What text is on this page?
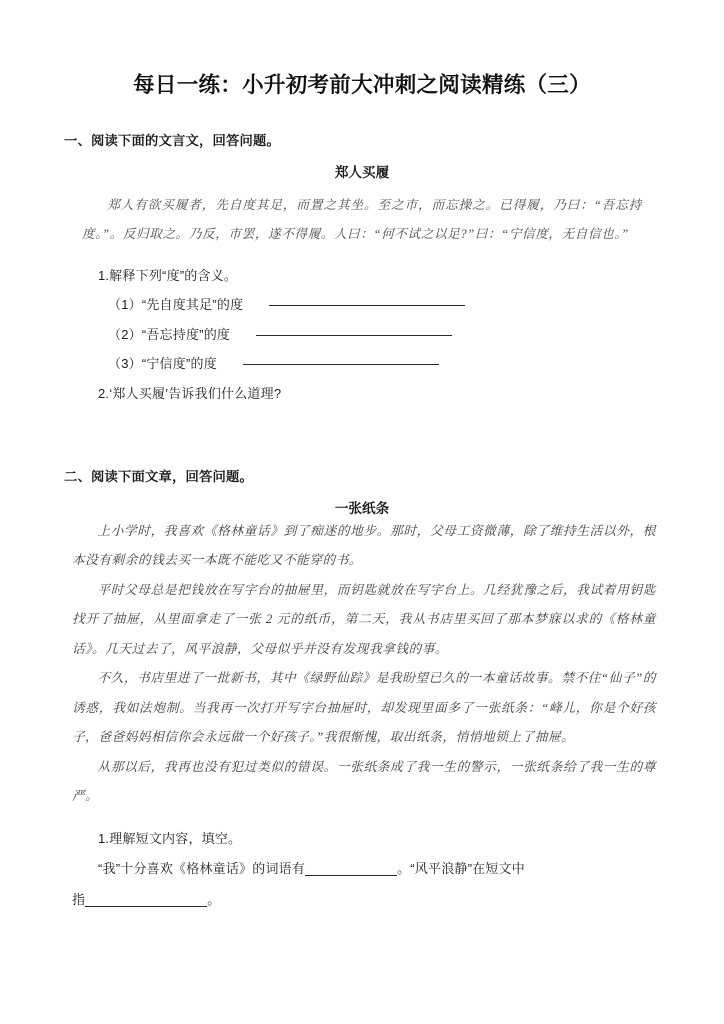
每日一练：小升初考前大冲刺之阅读精练（三）

一、阅读下面的文言文，回答问题。

郑人买履

郑人有欲买履者，先自度其足，而置之其坐。至之市，而忘操之。已得履，乃曰：“吾忘持度。”。反归取之。乃反，市罢，遂不得履。人曰：“何不试之以足?”曰：“宁信度，无自信也。”

1.解释下列“度”的含义。

（1）“先自度其足”的度
（2）“吾忘持度”的度
（3）“宁信度”的度

2.‘郑人买履’告诉我们什么道理?

二、阅读下面文章，回答问题。

一张纸条

上小学时，我喜欢《格林童话》到了痴迷的地步。那时，父母工资微薄，除了维持生活以外，根本没有剩余的钱去买一本既不能吃又不能穿的书。

平时父母总是把钱放在写字台的抽屉里，而钥匙就放在写字台上。几经犹豫之后，我试着用钥匙找开了抽屉，从里面拿走了一张 2 元的纸币，第二天，我从书店里买回了那本梦寐以求的《格林童话》。几天过去了，风平浪静，父母似乎并没有发现我拿钱的事。

不久，书店里进了一批新书，其中《绿野仙踪》是我盼望已久的一本童话故事。禁不住“仙子”的诱惑，我如法炮制。当我再一次打开写字台抽屉时，却发现里面多了一张纸条：“峰儿，你是个好孩子，爸爸妈妈相信你会永远做一个好孩子。”我很惭愧，取出纸条，悄悄地锁上了抽屉。

从那以后，我再也没有犯过类似的错误。一张纸条成了我一生的警示，一张纸条给了我一生的尊严。

1.理解短文内容，填空。

“我”十分喜欢《格林童话》的词语有	。“风平浪静”在短文中

指	。
